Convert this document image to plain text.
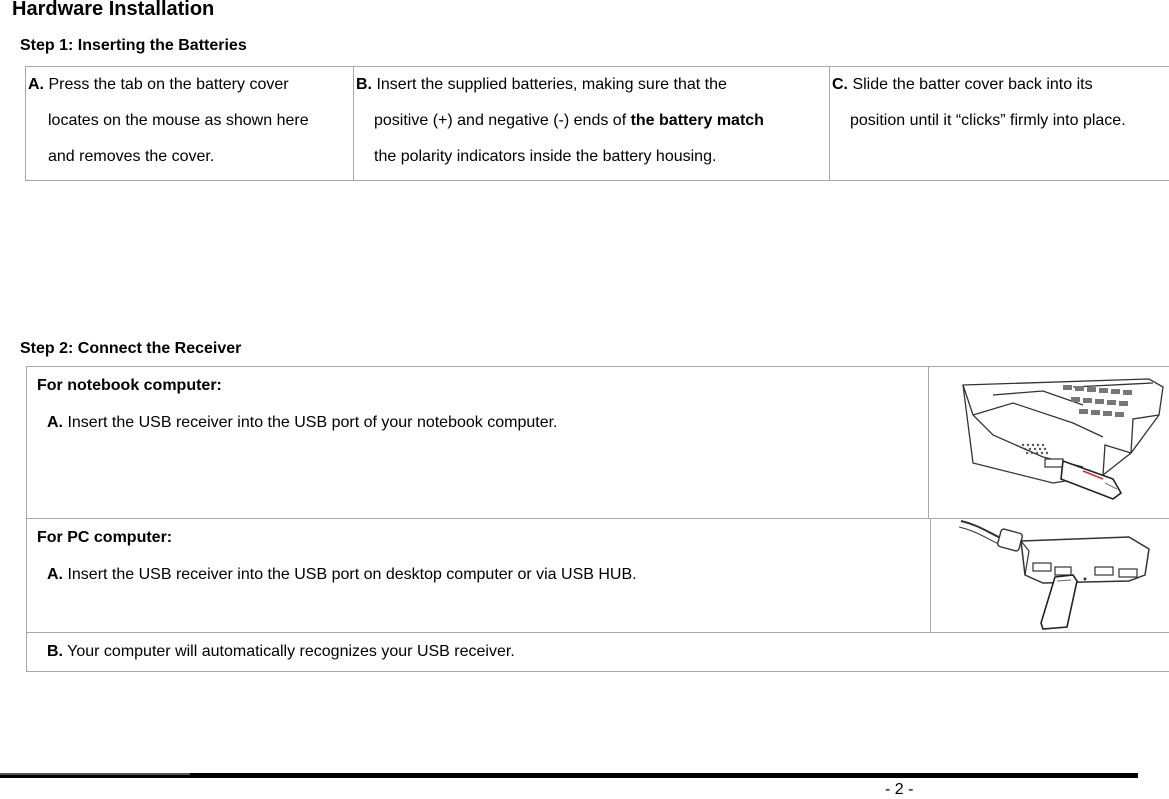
Hardware Installation
Step 1: Inserting the Batteries
A. Press the tab on the battery cover
locates on the mouse as shown here
and removes the cover.
B. Insert the supplied batteries, making sure that the
positive (+) and negative (-) ends of the battery match
the polarity indicators inside the battery housing.
C. Slide the batter cover back into its
position until it “clicks” firmly into place.
Step 2: Connect the Receiver
For notebook computer:
A. Insert the USB receiver into the USB port of your notebook computer.
For PC computer:
A. Insert the USB receiver into the USB port on desktop computer or via USB HUB.
B. Your computer will automatically recognizes your USB receiver.
- 2 -
